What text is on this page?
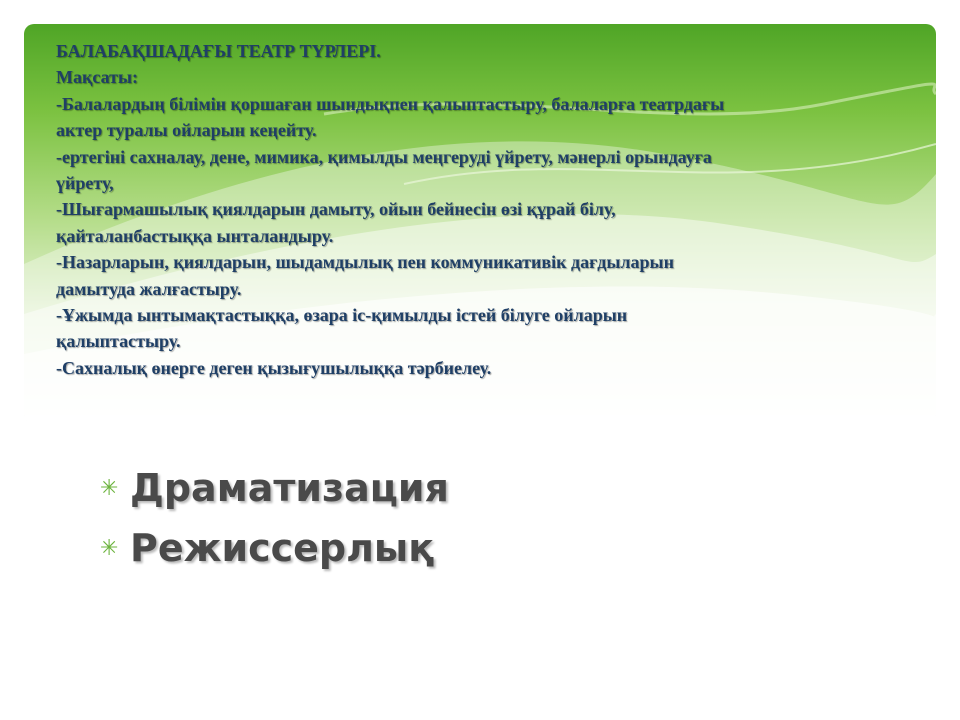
БАЛАБАҚШАДАҒЫ ТЕАТР ТҮРЛЕРІ.
Мақсаты:
-Балалардың білімін қоршаған шындықпен қалыптастыру, балаларға театрдағы
актер туралы ойларын кеңейту.
-ертегіні сахналау, дене, мимика, қимылды меңгеруді үйрету, мәнерлі орындауға
үйрету,
-Шығармашылық қиялдарын дамыту, ойын бейнесін өзі құрай білу,
қайталанбастыққа ынталандыру.
-Назарларын, қиялдарын, шыдамдылық пен коммуникативік дағдыларын
дамытуда жалғастыру.
-Ұжымда ынтымақтастыққа, өзара іс-қимылды істей білуге ойларын
қалыптастыру.
-Сахналық өнерге деген қызығушылыққа тәрбиелеу.
✳ Драматизация
✳ Режиссерлық
